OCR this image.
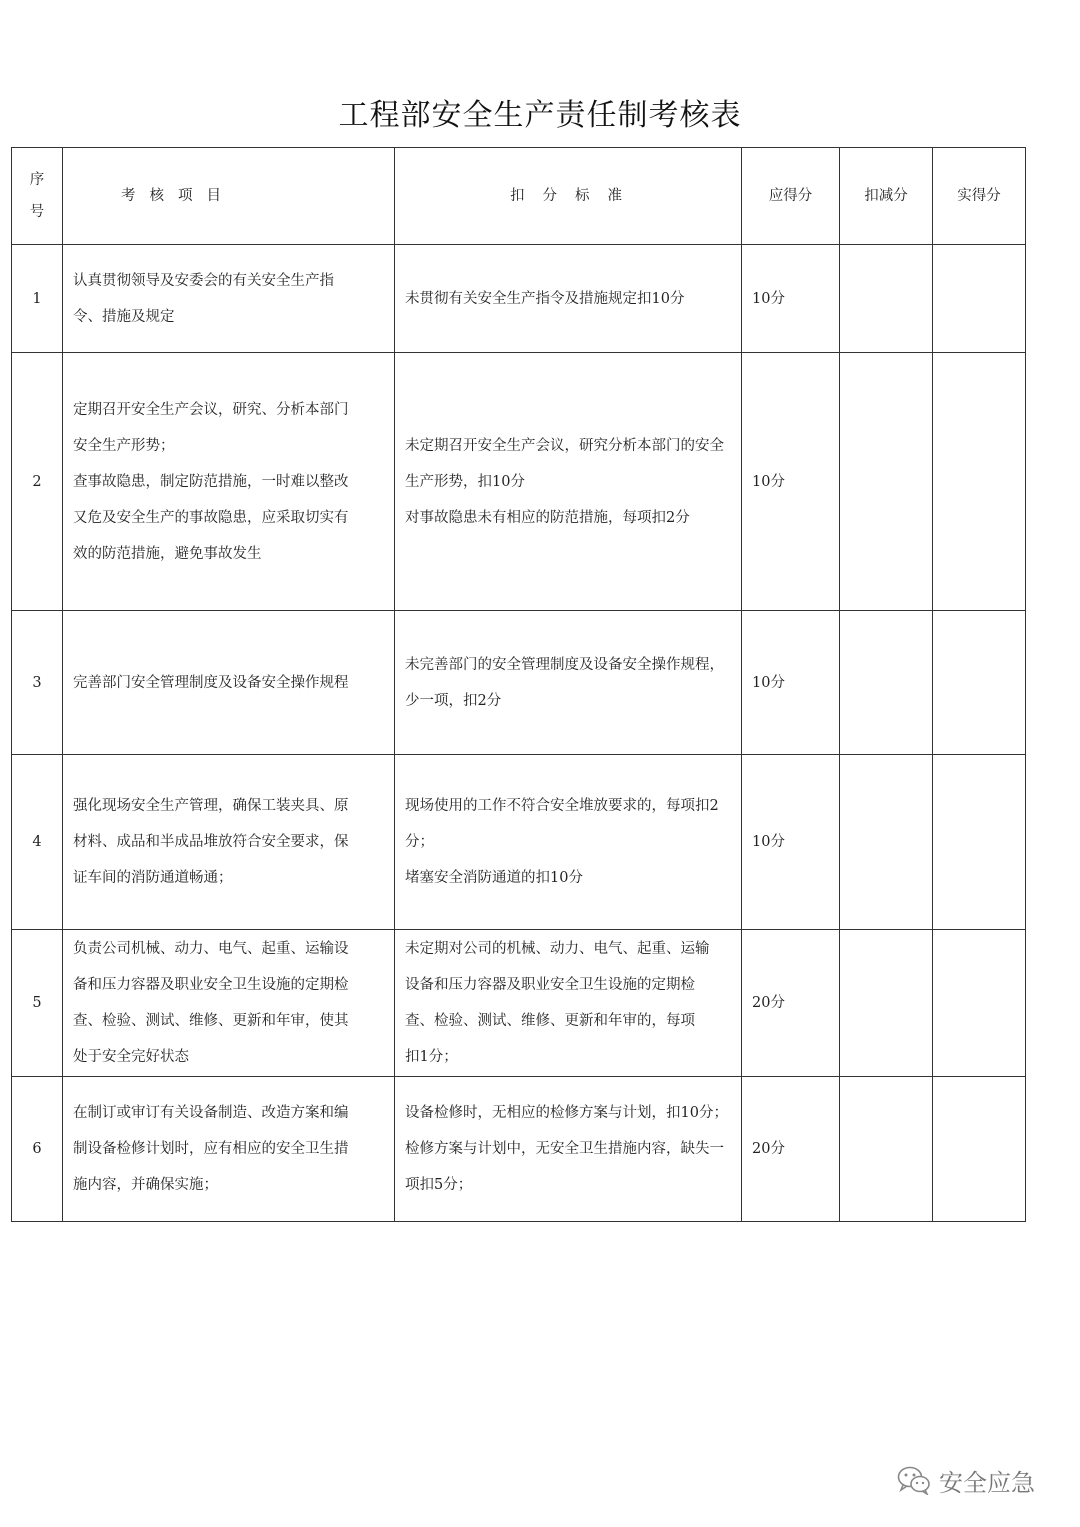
工程部安全生产责任制考核表
序
号	考核项目	扣分标准	应得分	扣减分	实得分
1	认真贯彻领导及安委会的有关安全生产指
令、措施及规定	未贯彻有关安全生产指令及措施规定扣10分	10分		
2	定期召开安全生产会议，研究、分析本部门
安全生产形势；
查事故隐患，制定防范措施，一时难以整改
又危及安全生产的事故隐患，应采取切实有
效的防范措施，避免事故发生	未定期召开安全生产会议，研究分析本部门的安全
生产形势，扣10分
对事故隐患未有相应的防范措施，每项扣2分	10分		
3	完善部门安全管理制度及设备安全操作规程	未完善部门的安全管理制度及设备安全操作规程，
少一项，扣2分	10分		
4	强化现场安全生产管理，确保工装夹具、原
材料、成品和半成品堆放符合安全要求，保
证车间的消防通道畅通；	现场使用的工作不符合安全堆放要求的，每项扣2
分；
堵塞安全消防通道的扣10分	10分		
5	负责公司机械、动力、电气、起重、运输设
备和压力容器及职业安全卫生设施的定期检
查、检验、测试、维修、更新和年审，使其
处于安全完好状态	未定期对公司的机械、动力、电气、起重、运输
设备和压力容器及职业安全卫生设施的定期检
查、检验、测试、维修、更新和年审的，每项
扣1分；	20分		
6	在制订或审订有关设备制造、改造方案和编
制设备检修计划时，应有相应的安全卫生措
施内容，并确保实施；	设备检修时，无相应的检修方案与计划，扣10分；
检修方案与计划中，无安全卫生措施内容，缺失一
项扣5分；	20分		
安全应急
